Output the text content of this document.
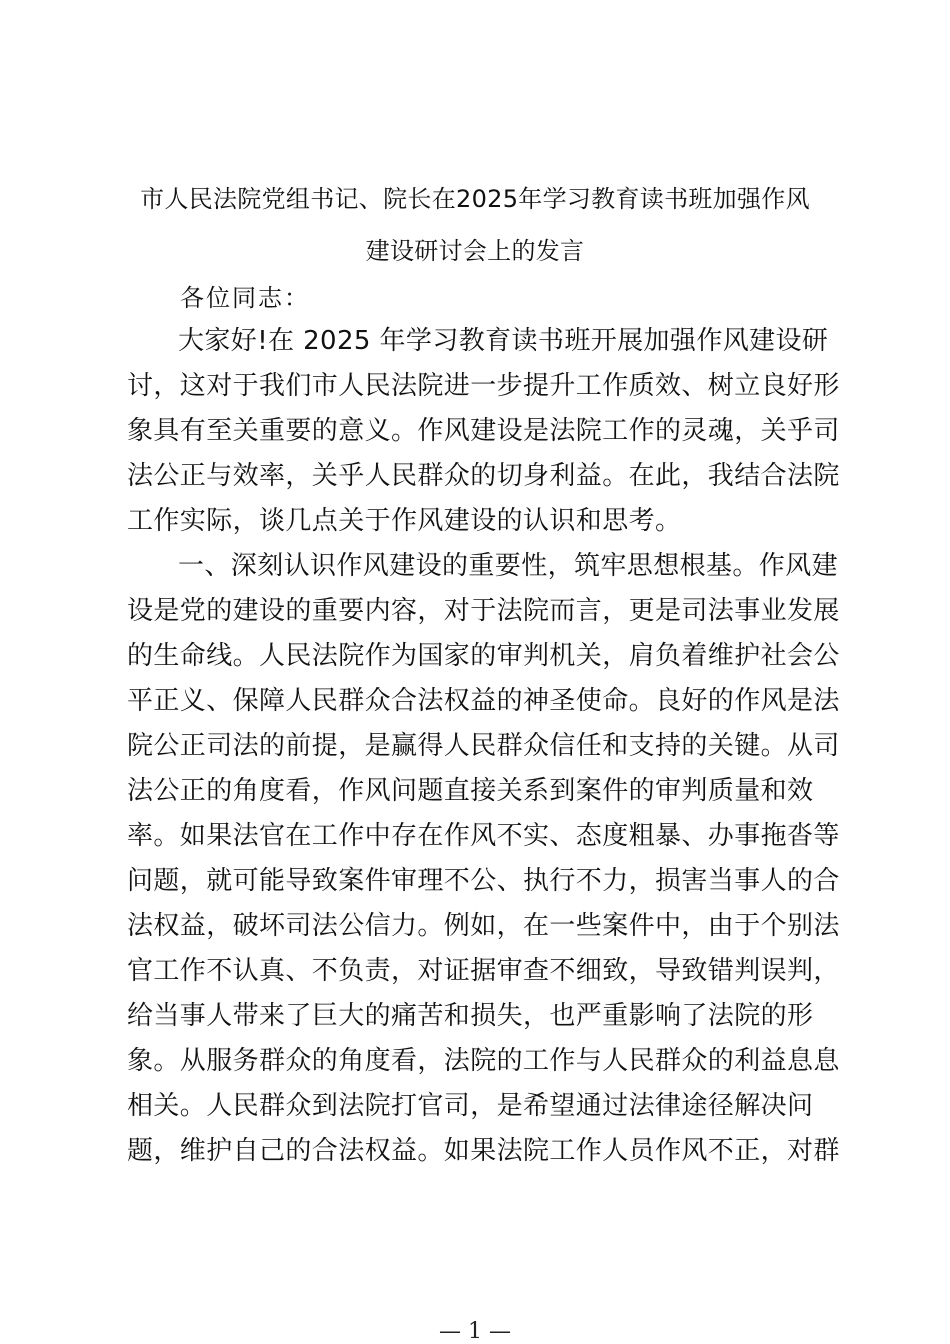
市人民法院党组书记、院长在2025年学习教育读书班加强作风
建设研讨会上的发言
各位同志：
大家好!在 2025 年学习教育读书班开展加强作风建设研
讨，这对于我们市人民法院进一步提升工作质效、树立良好形
象具有至关重要的意义。作风建设是法院工作的灵魂，关乎司
法公正与效率，关乎人民群众的切身利益。在此，我结合法院
工作实际，谈几点关于作风建设的认识和思考。
一、深刻认识作风建设的重要性，筑牢思想根基。作风建
设是党的建设的重要内容，对于法院而言，更是司法事业发展
的生命线。人民法院作为国家的审判机关，肩负着维护社会公
平正义、保障人民群众合法权益的神圣使命。良好的作风是法
院公正司法的前提，是赢得人民群众信任和支持的关键。从司
法公正的角度看，作风问题直接关系到案件的审判质量和效
率。如果法官在工作中存在作风不实、态度粗暴、办事拖沓等
问题，就可能导致案件审理不公、执行不力，损害当事人的合
法权益，破坏司法公信力。例如，在一些案件中，由于个别法
官工作不认真、不负责，对证据审查不细致，导致错判误判，
给当事人带来了巨大的痛苦和损失，也严重影响了法院的形
象。从服务群众的角度看，法院的工作与人民群众的利益息息
相关。人民群众到法院打官司，是希望通过法律途径解决问
题，维护自己的合法权益。如果法院工作人员作风不正，对群
— 1 —
